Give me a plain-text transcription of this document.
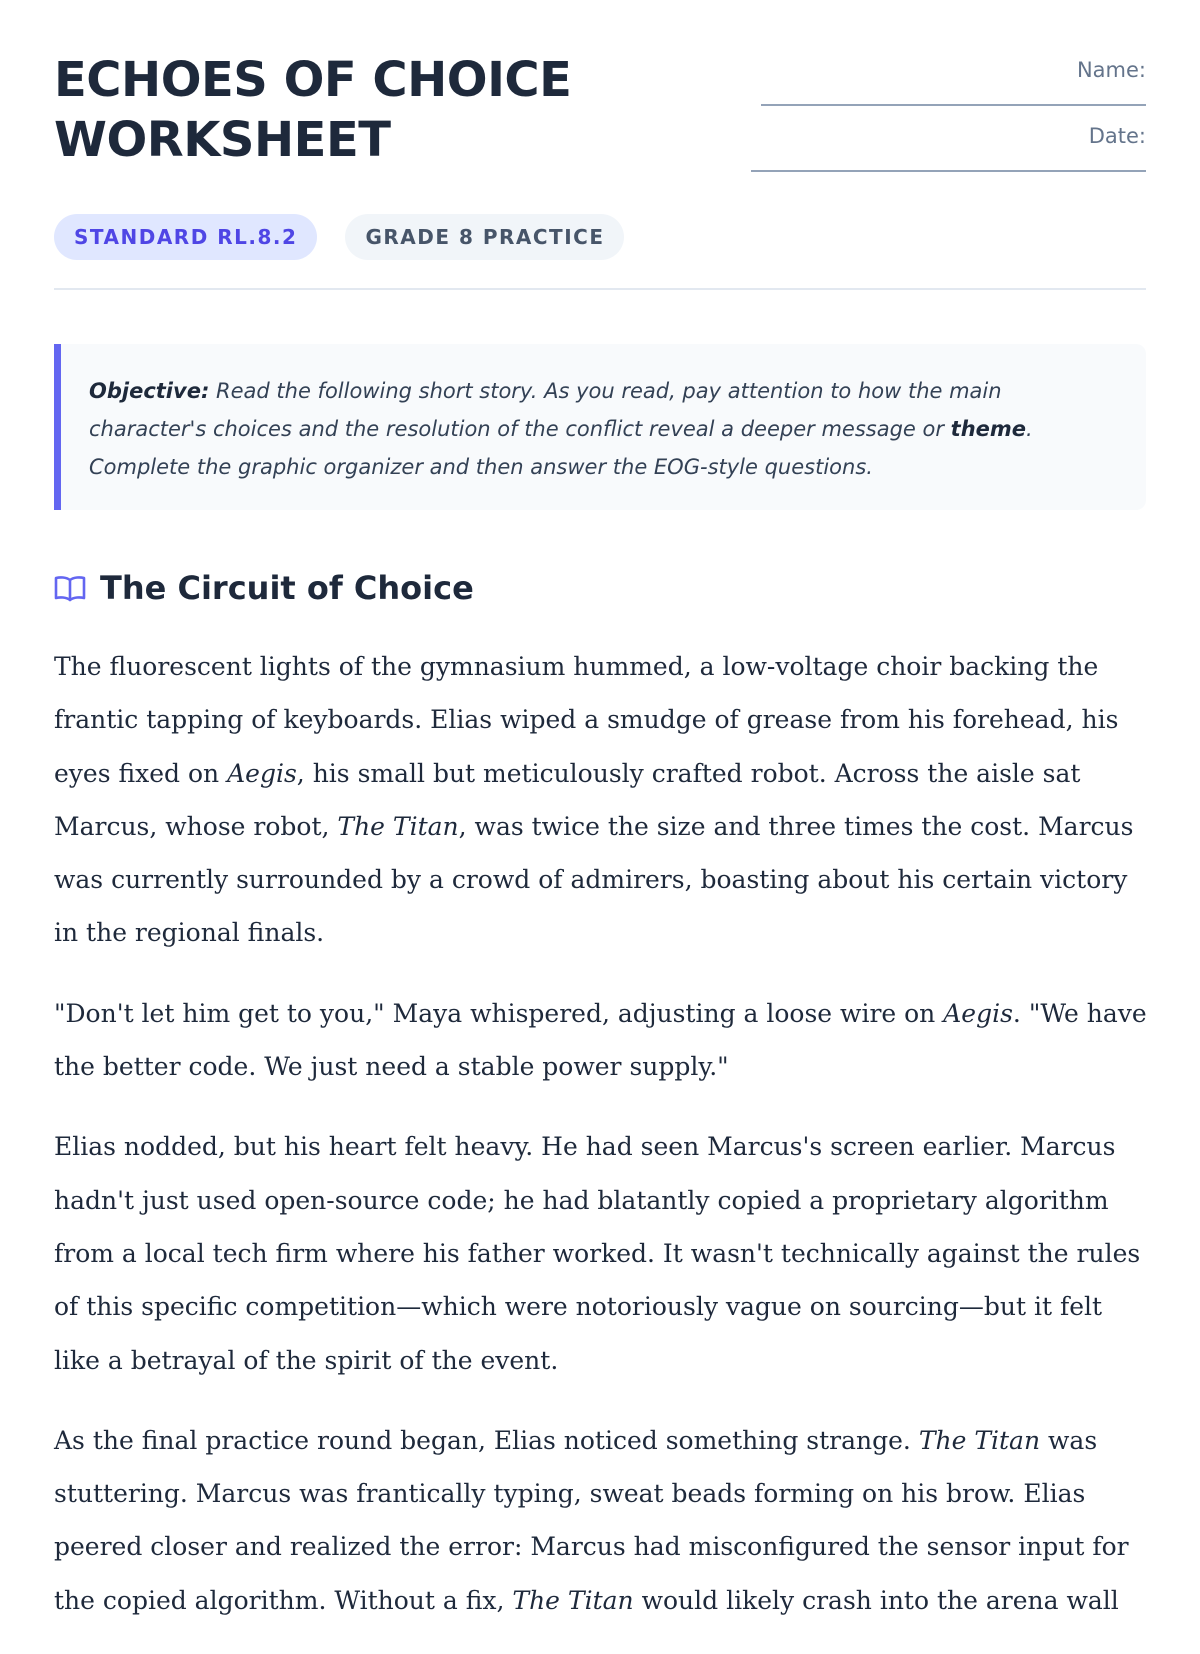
ECHOES OF CHOICE
WORKSHEET
Name:
Date:
STANDARD RL.8.2	GRADE 8 PRACTICE
Objective: Read the following short story. As you read, pay attention to how the main character's choices and the resolution of the conflict reveal a deeper message or theme. Complete the graphic organizer and then answer the EOG-style questions.
The Circuit of Choice

The fluorescent lights of the gymnasium hummed, a low-voltage choir backing the frantic tapping of keyboards. Elias wiped a smudge of grease from his forehead, his eyes fixed on Aegis, his small but meticulously crafted robot. Across the aisle sat Marcus, whose robot, The Titan, was twice the size and three times the cost. Marcus was currently surrounded by a crowd of admirers, boasting about his certain victory in the regional finals.

"Don't let him get to you," Maya whispered, adjusting a loose wire on Aegis. "We have the better code. We just need a stable power supply."

Elias nodded, but his heart felt heavy. He had seen Marcus's screen earlier. Marcus hadn't just used open-source code; he had blatantly copied a proprietary algorithm from a local tech firm where his father worked. It wasn't technically against the rules of this specific competition—which were notoriously vague on sourcing—but it felt like a betrayal of the spirit of the event.

As the final practice round began, Elias noticed something strange. The Titan was stuttering. Marcus was frantically typing, sweat beads forming on his brow. Elias peered closer and realized the error: Marcus had misconfigured the sensor input for the copied algorithm. Without a fix, The Titan would likely crash into the arena wall
